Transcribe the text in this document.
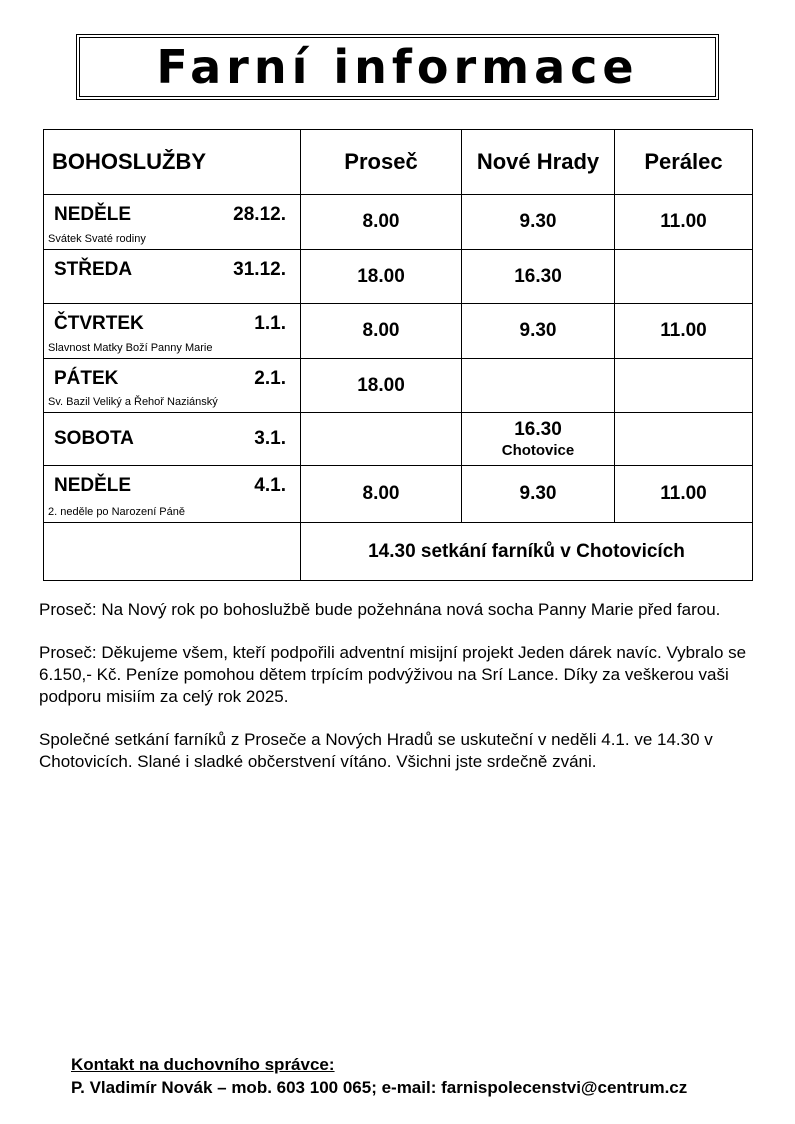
Farní informace
BOHOSLUŽBY	Proseč	Nové Hrady	Perálec

NEDĚLE 28.12.
Svátek Svaté rodiny	8.00	9.30	11.00

STŘEDA 31.12.	18.00	16.30	

ČTVRTEK 1.1.
Slavnost Matky Boží Panny Marie	8.00	9.30	11.00

PÁTEK 2.1.
Sv. Bazil Veliký a Řehoř Naziánský	18.00		

SOBOTA 3.1.		16.30
Chotovice	

NEDĚLE 4.1.
2. neděle po Narození Páně	8.00	9.30	11.00
	14.30 setkání farníků v Chotovicích		

Proseč: Na Nový rok po bohoslužbě bude požehnána nová socha Panny Marie před farou.

Proseč: Děkujeme všem, kteří podpořili adventní misijní projekt Jeden dárek navíc. Vybralo se 6.150,- Kč. Peníze pomohou dětem trpícím podvýživou na Srí Lance. Díky za veškerou vaši podporu misiím za celý rok 2025.

Společné setkání farníků z Proseče a Nových Hradů se uskuteční v neděli 4.1. ve 14.30 v Chotovicích. Slané i sladké občerstvení vítáno. Všichni jste srdečně zváni.

Kontakt na duchovního správce:
P. Vladimír Novák – mob. 603 100 065; e-mail: farnispolecenstvi@centrum.cz
